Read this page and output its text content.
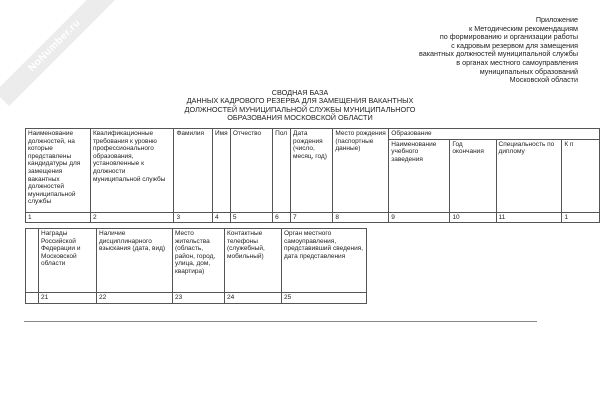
NoNumber.ru	Приложение
к Методическим рекомендациям
по формированию и организации работы
с кадровым резервом для замещения
вакантных должностей муниципальной службы
в органах местного самоуправления
муниципальных образований
Московской области
СВОДНАЯ БАЗА
ДАННЫХ КАДРОВОГО РЕЗЕРВА ДЛЯ ЗАМЕЩЕНИЯ ВАКАНТНЫХ
ДОЛЖНОСТЕЙ МУНИЦИПАЛЬНОЙ СЛУЖБЫ МУНИЦИПАЛЬНОГО
ОБРАЗОВАНИЯ МОСКОВСКОЙ ОБЛАСТИ
Наименование должностей, на которые представлены кандидатуры для замещения вакантных должностей муниципальной службы	Квалификационные требования к уровню профессионального образования, установленные к должности муниципальной службы	Фамилия	Имя	Отчество	Пол	Дата рождения (число, месяц, год)	Место рождения (паспортные данные)	Образование			
								Наименование учебного заведения	Год окончания	Специальность по диплому	К п
1	2	3	4	5	6	7	8	9	10	11	1
	Награды Российской Федерации и Московской области	Наличие дисциплинарного взыскания (дата, вид)	Место жительства (область, район, город, улица, дом, квартира)	Контактные телефоны (служебный, мобильный)	Орган местного самоуправления, представивший сведения, дата представления
	21	22	23	24	25
